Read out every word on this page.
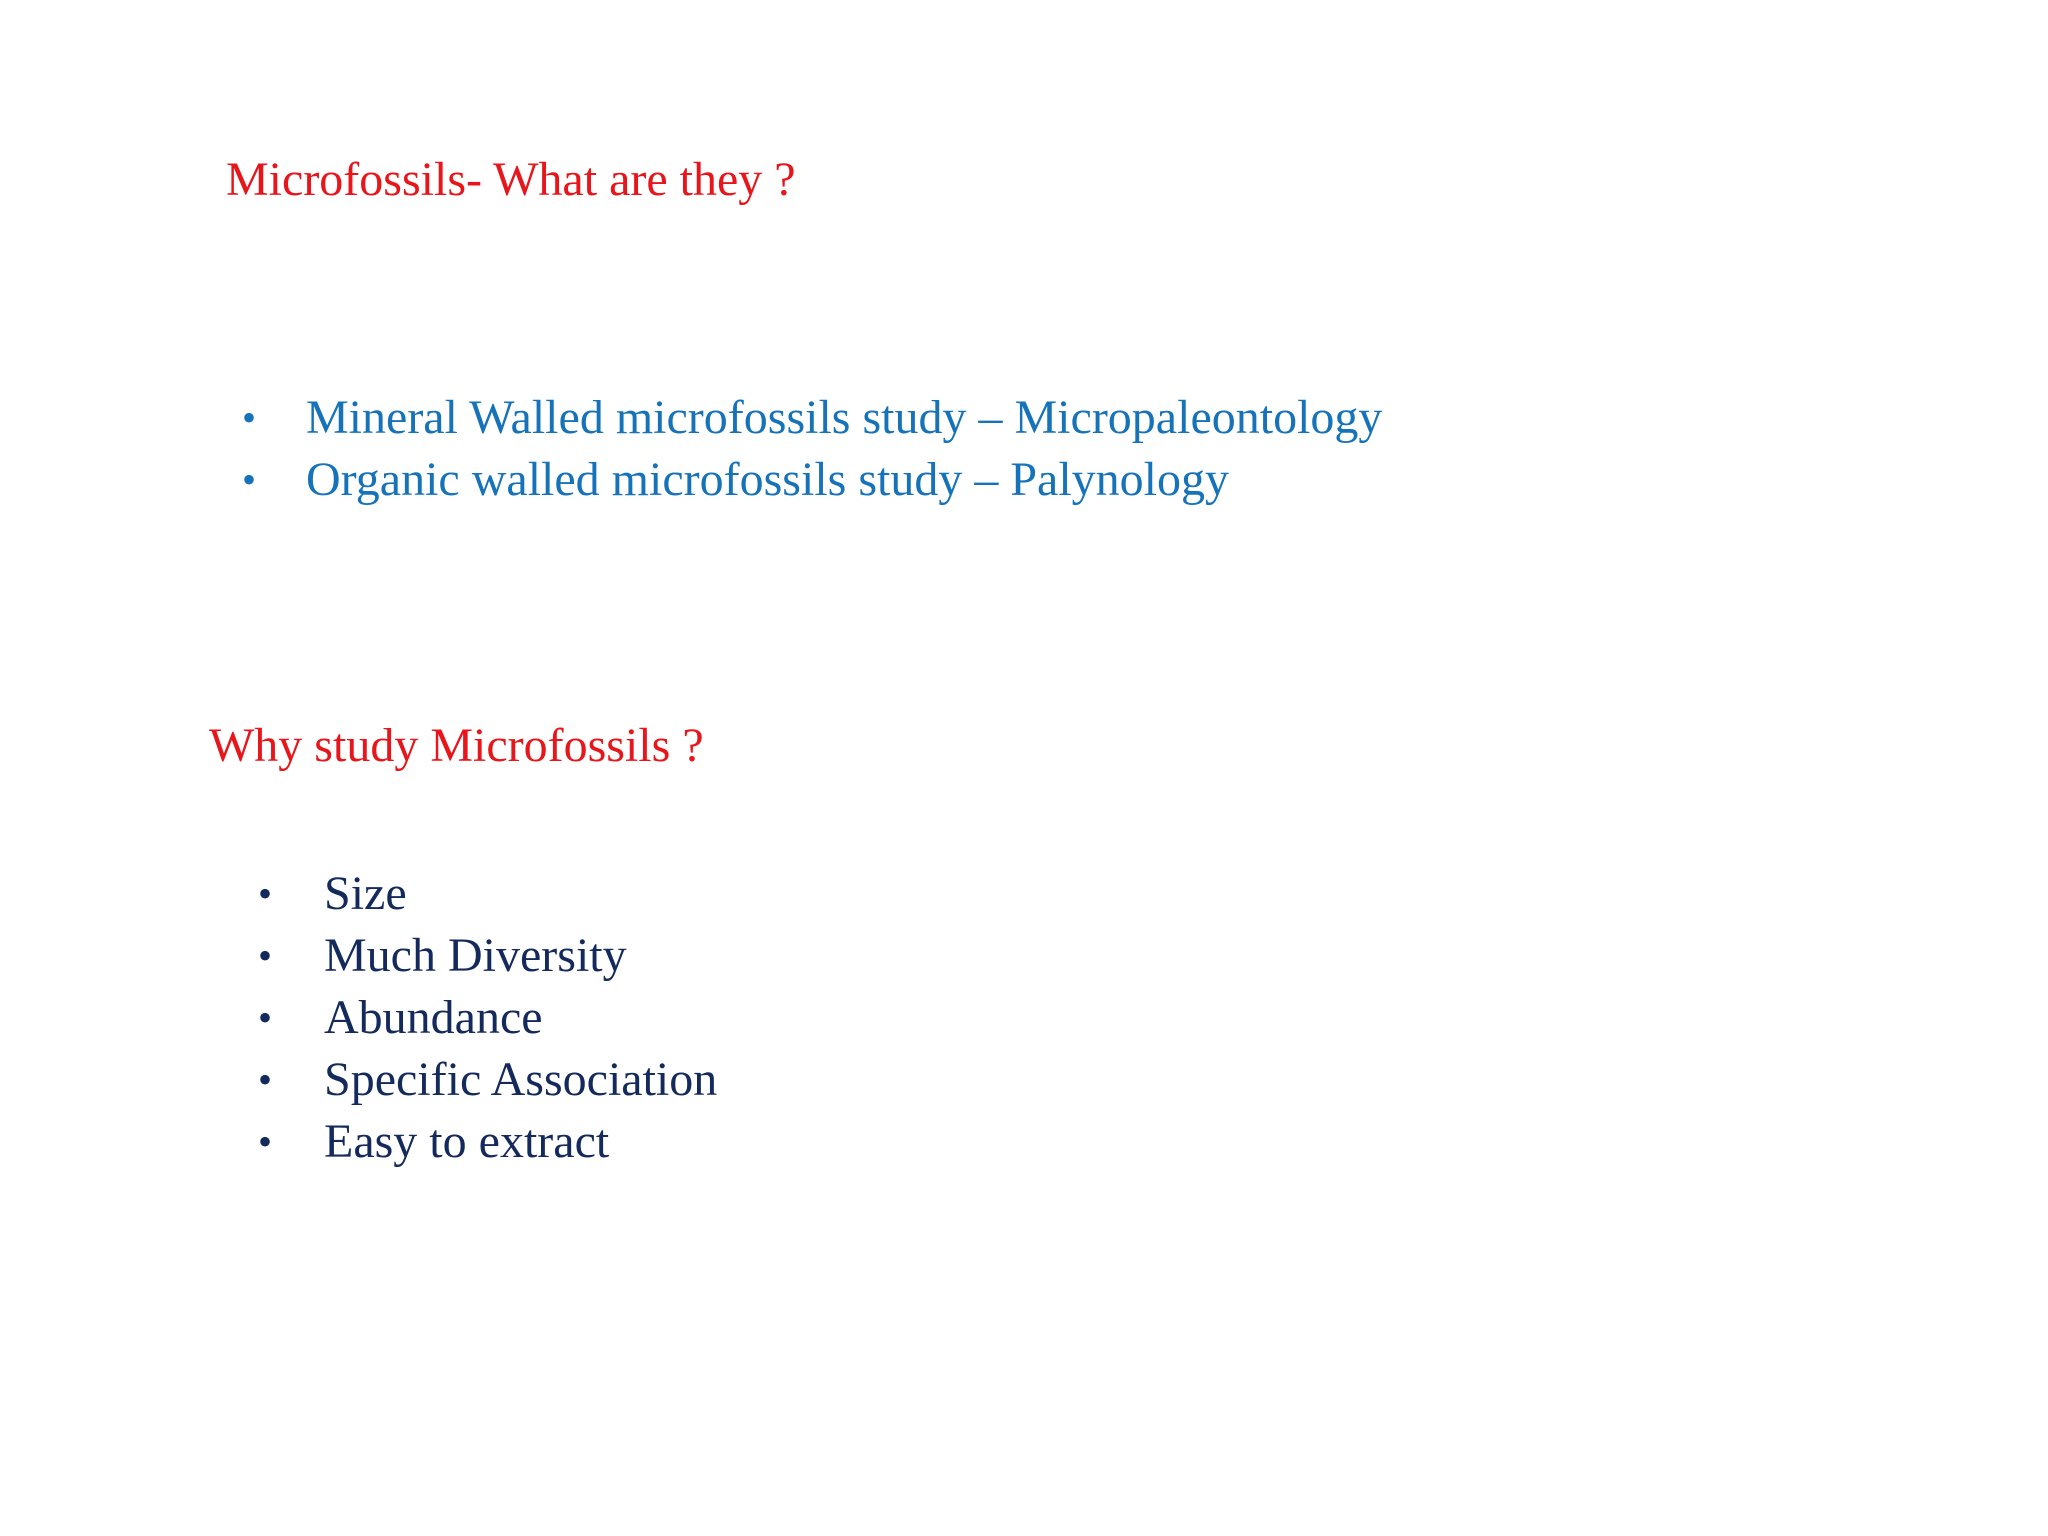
Microfossils- What are they ?
• Mineral Walled microfossils study – Micropaleontology
• Organic walled microfossils study – Palynology
Why study Microfossils ?
• Size
• Much Diversity
• Abundance
• Specific Association
• Easy to extract
